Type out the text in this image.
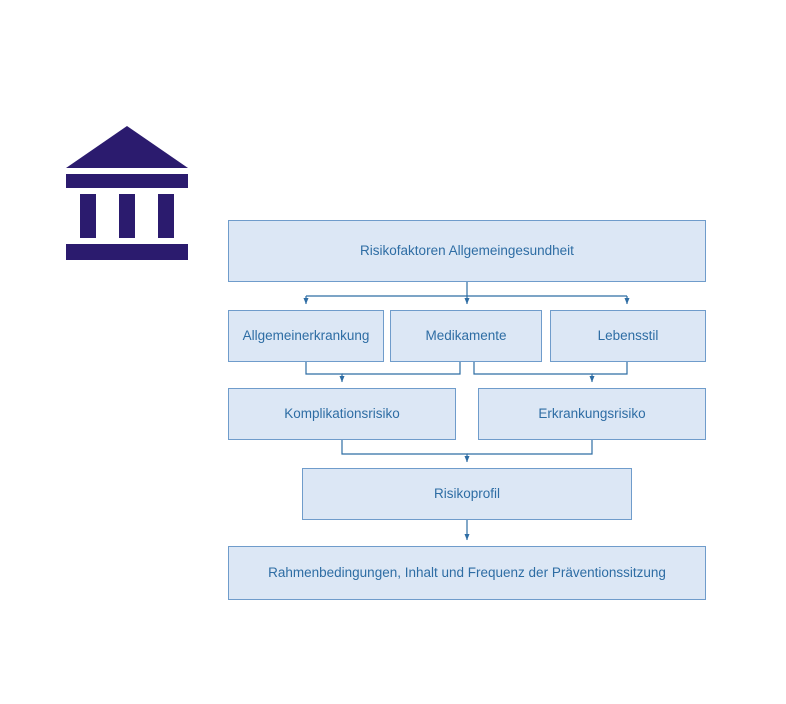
Risikofaktoren Allgemeingesundheit
Allgemeinerkrankung	Medikamente	Lebensstil
Komplikationsrisiko	Erkrankungsrisiko
Risikoprofil
Rahmenbedingungen, Inhalt und Frequenz der Präventionssitzung
